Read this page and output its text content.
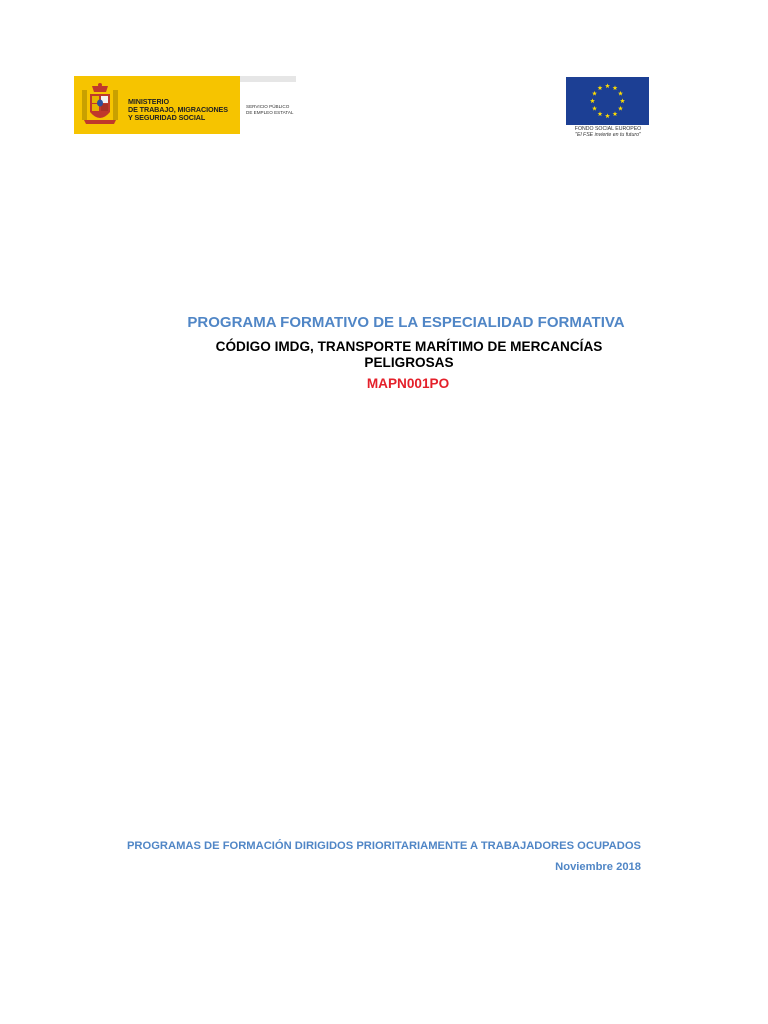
MINISTERIO
DE TRABAJO, MIGRACIONES
Y SEGURIDAD SOCIAL
SERVICIO PÚBLICO
DE EMPLEO ESTATAL
FONDO SOCIAL EUROPEO
"El FSE invierte en tu futuro"
PROGRAMA FORMATIVO DE LA ESPECIALIDAD FORMATIVA
CÓDIGO IMDG, TRANSPORTE MARÍTIMO DE MERCANCÍAS
PELIGROSAS
MAPN001PO
PROGRAMAS DE FORMACIÓN DIRIGIDOS PRIORITARIAMENTE A TRABAJADORES OCUPADOS
Noviembre 2018
